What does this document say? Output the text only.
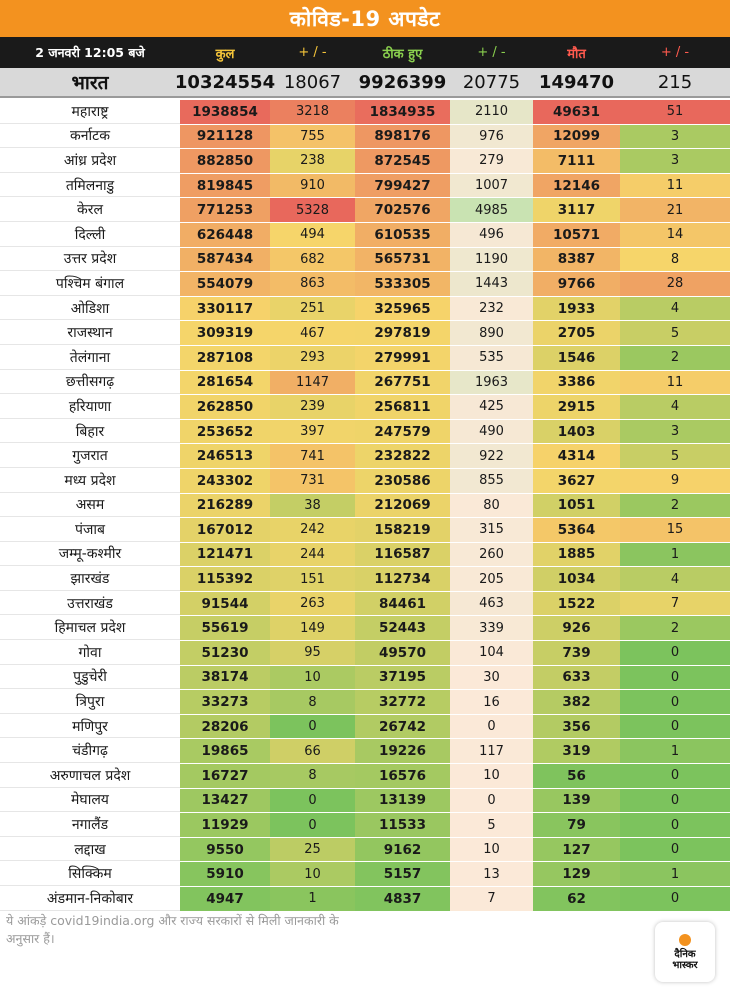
कोविड-19 अपडेट
2 जनवरी 12:05 बजे	कुल	+ / -	ठीक हुए	+ / -	मौत	+ / -
भारत	10324554 18067 9926399 20775	149470	215
महाराष्ट्र	1938854	3218	1834935	2110	49631	51
कर्नाटक	921128	755	898176	976	12099	3
आंध्र प्रदेश	882850	238	872545	279	7111	3
तमिलनाडु	819845	910	799427	1007	12146	11
केरल	771253	5328	702576	4985	3117	21
दिल्ली	626448	494	610535	496	10571	14
उत्तर प्रदेश	587434	682	565731	1190	8387	8
पश्चिम बंगाल	554079	863	533305	1443	9766	28
ओडिशा	330117	251	325965	232	1933	4
राजस्थान	309319	467	297819	890	2705	5
तेलंगाना	287108	293	279991	535	1546	2
छत्तीसगढ़	281654	1147	267751	1963	3386	11
हरियाणा	262850	239	256811	425	2915	4
बिहार	253652	397	247579	490	1403	3
गुजरात	246513	741	232822	922	4314	5
मध्य प्रदेश	243302	731	230586	855	3627	9
असम	216289	38	212069	80	1051	2
पंजाब	167012	242	158219	315	5364	15
जम्मू-कश्मीर	121471	244	116587	260	1885	1
झारखंड	115392	151	112734	205	1034	4
उत्तराखंड	91544	263	84461	463	1522	7
हिमाचल प्रदेश	55619	149	52443	339	926	2
गोवा	51230	95	49570	104	739	0
पुडुचेरी	38174	10	37195	30	633	0
त्रिपुरा	33273	8	32772	16	382	0
मणिपुर	28206	0	26742	0	356	0
चंडीगढ़	19865	66	19226	117	319	1
अरुणाचल प्रदेश	16727	8	16576	10	56	0
मेघालय	13427	0	13139	0	139	0
नगालैंड	11929	0	11533	5	79	0
लद्दाख	9550	25	9162	10	127	0
सिक्किम	5910	10	5157	13	129	1
अंडमान-निकोबार	4947	1	4837	7	62	0
ये आंकड़े covid19india.org और राज्य सरकारों से मिली जानकारी के अनुसार हैं।
दैनिक
भास्कर
